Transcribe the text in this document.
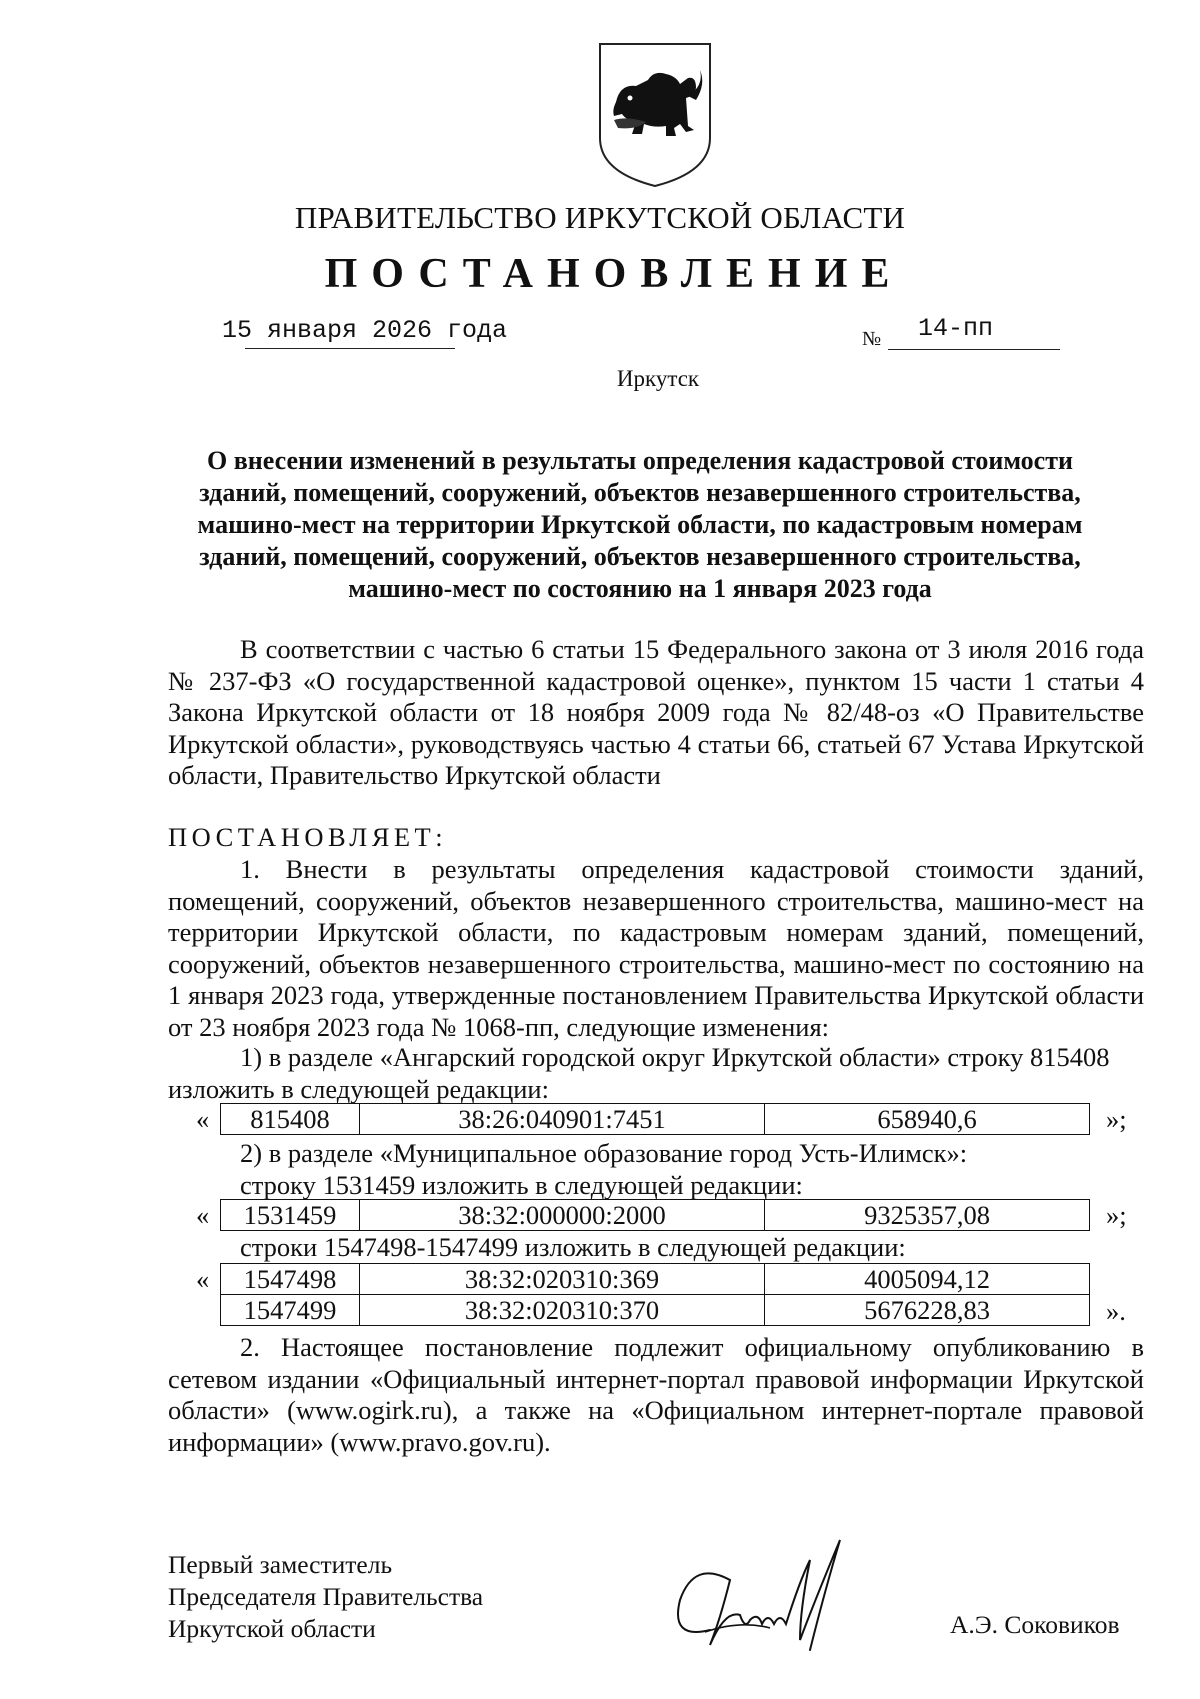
ПРАВИТЕЛЬСТВО ИРКУТСКОЙ ОБЛАСТИ
ПОСТАНОВЛЕНИЕ
15 января 2026 года	№ 14-пп
Иркутск
О внесении изменений в результаты определения кадастровой стоимости зданий, помещений, сооружений, объектов незавершенного строительства, машино-мест на территории Иркутской области, по кадастровым номерам зданий, помещений, сооружений, объектов незавершенного строительства, машино-мест по состоянию на 1 января 2023 года
В соответствии с частью 6 статьи 15 Федерального закона от 3 июля 2016 года № 237-ФЗ «О государственной кадастровой оценке», пунктом 15 части 1 статьи 4 Закона Иркутской области от 18 ноября 2009 года № 82/48-оз «О Правительстве Иркутской области», руководствуясь частью 4 статьи 66, статьей 67 Устава Иркутской области, Правительство Иркутской области
ПОСТАНОВЛЯЕТ:
1. Внести в результаты определения кадастровой стоимости зданий, помещений, сооружений, объектов незавершенного строительства, машино-мест на территории Иркутской области, по кадастровым номерам зданий, помещений, сооружений, объектов незавершенного строительства, машино-мест по состоянию на 1 января 2023 года, утвержденные постановлением Правительства Иркутской области от 23 ноября 2023 года № 1068-пп, следующие изменения:
1) в разделе «Ангарский городской округ Иркутской области» строку 815408
изложить в следующей редакции:
« 815408	38:26:040901:7451	658940,6	»;
2) в разделе «Муниципальное образование город Усть-Илимск»:
строку 1531459 изложить в следующей редакции:
« 1531459	38:32:000000:2000	9325357,08	»;
строки 1547498-1547499 изложить в следующей редакции:
« 1547498	38:32:020310:369	4005094,12
1547499	38:32:020310:370	5676228,83	».
2. Настоящее постановление подлежит официальному опубликованию в сетевом издании «Официальный интернет-портал правовой информации Иркутской области» (www.ogirk.ru), а также на «Официальном интернет-портале правовой информации» (www.pravo.gov.ru).
Первый заместитель
Председателя Правительства
Иркутской области	А.Э. Соковиков
